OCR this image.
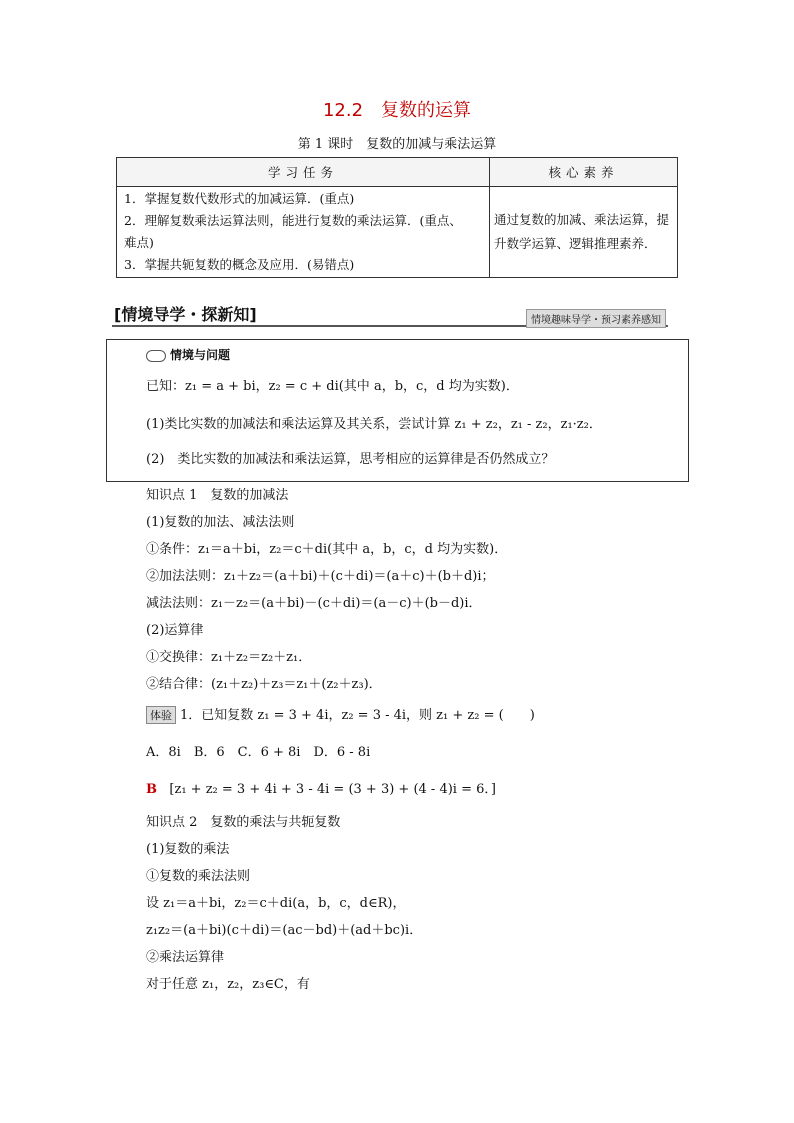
12.2　复数的运算
第 1 课时　复数的加减与乘法运算
学习任务	核心素养

1．掌握复数代数形式的加减运算．(重点)

2．理解复数乘法运算法则，能进行复数的乘法运算．(重点、

难点)

3．掌握共轭复数的概念及应用．(易错点)	通过复数的加减、乘法运算，提升数学运算、逻辑推理素养．
[情境导学・探新知]	情境趣味导学・预习素养感知
情境与问题
已知：z₁ = a + bi，z₂ = c + di(其中 a，b，c，d 均为实数)．
(1)类比实数的加减法和乘法运算及其关系，尝试计算 z₁ + z₂，z₁ - z₂，z₁·z₂．
(2)　类比实数的加减法和乘法运算，思考相应的运算律是否仍然成立？
知识点 1　复数的加减法
(1)复数的加法、减法法则
①条件：z₁＝a＋bi，z₂＝c＋di(其中 a，b，c，d 均为实数)．
②加法法则：z₁＋z₂＝(a＋bi)＋(c＋di)＝(a＋c)＋(b＋d)i；
减法法则：z₁－z₂＝(a＋bi)－(c＋di)＝(a－c)＋(b－d)i．
(2)运算律
①交换律：z₁＋z₂＝z₂＋z₁．
②结合律：(z₁＋z₂)＋z₃＝z₁＋(z₂＋z₃)．
体验 1．已知复数 z₁ = 3 + 4i，z₂ = 3 - 4i，则 z₁ + z₂ = (　　)
A．8i　B．6　C．6 + 8i　D．6 - 8i
B [z₁ + z₂ = 3 + 4i + 3 - 4i = (3 + 3) + (4 - 4)i = 6．]
知识点 2　复数的乘法与共轭复数
(1)复数的乘法
①复数的乘法法则
设 z₁＝a＋bi，z₂＝c＋di(a，b，c，d∈R)，
z₁z₂＝(a＋bi)(c＋di)＝(ac－bd)＋(ad＋bc)i．
②乘法运算律
对于任意 z₁，z₂，z₃∈C，有
